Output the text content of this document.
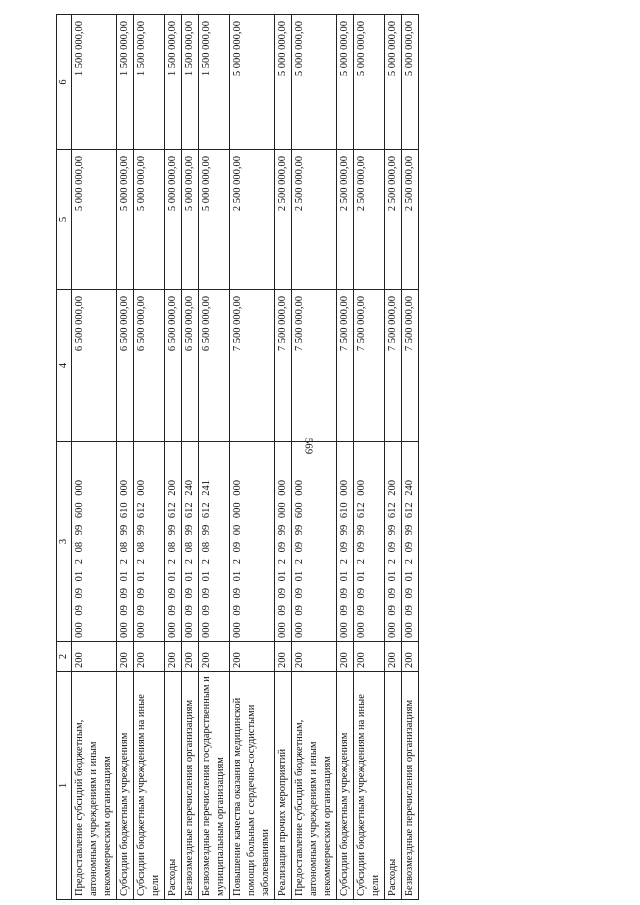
569
1	2	3	4	5	6
Предоставление субсидий бюджетным, автономным учреждениям и иным некоммерческим организациям	200	000 09 09 01 2 08 99 600 000	6 500 000,00	5 000 000,00	1 500 000,00
Субсидии бюджетным учреждениям	200	000 09 09 01 2 08 99 610 000	6 500 000,00	5 000 000,00	1 500 000,00
Субсидии бюджетным учреждениям на иные цели	200	000 09 09 01 2 08 99 612 000	6 500 000,00	5 000 000,00	1 500 000,00
Расходы	200	000 09 09 01 2 08 99 612 200	6 500 000,00	5 000 000,00	1 500 000,00
Безвозмездные перечисления организациям	200	000 09 09 01 2 08 99 612 240	6 500 000,00	5 000 000,00	1 500 000,00
Безвозмездные перечисления государственным и муниципальным организациям	200	000 09 09 01 2 08 99 612 241	6 500 000,00	5 000 000,00	1 500 000,00
Повышение качества оказания медицинской помощи больным с сердечно-сосудистыми заболеваниями	200	000 09 09 01 2 09 00 000 000	7 500 000,00	2 500 000,00	5 000 000,00
Реализация прочих мероприятий	200	000 09 09 01 2 09 99 000 000	7 500 000,00	2 500 000,00	5 000 000,00
Предоставление субсидий бюджетным, автономным учреждениям и иным некоммерческим организациям	200	000 09 09 01 2 09 99 600 000	7 500 000,00	2 500 000,00	5 000 000,00
Субсидии бюджетным учреждениям	200	000 09 09 01 2 09 99 610 000	7 500 000,00	2 500 000,00	5 000 000,00
Субсидии бюджетным учреждениям на иные цели	200	000 09 09 01 2 09 99 612 000	7 500 000,00	2 500 000,00	5 000 000,00
Расходы	200	000 09 09 01 2 09 99 612 200	7 500 000,00	2 500 000,00	5 000 000,00
Безвозмездные перечисления организациям	200	000 09 09 01 2 09 99 612 240	7 500 000,00	2 500 000,00	5 000 000,00
